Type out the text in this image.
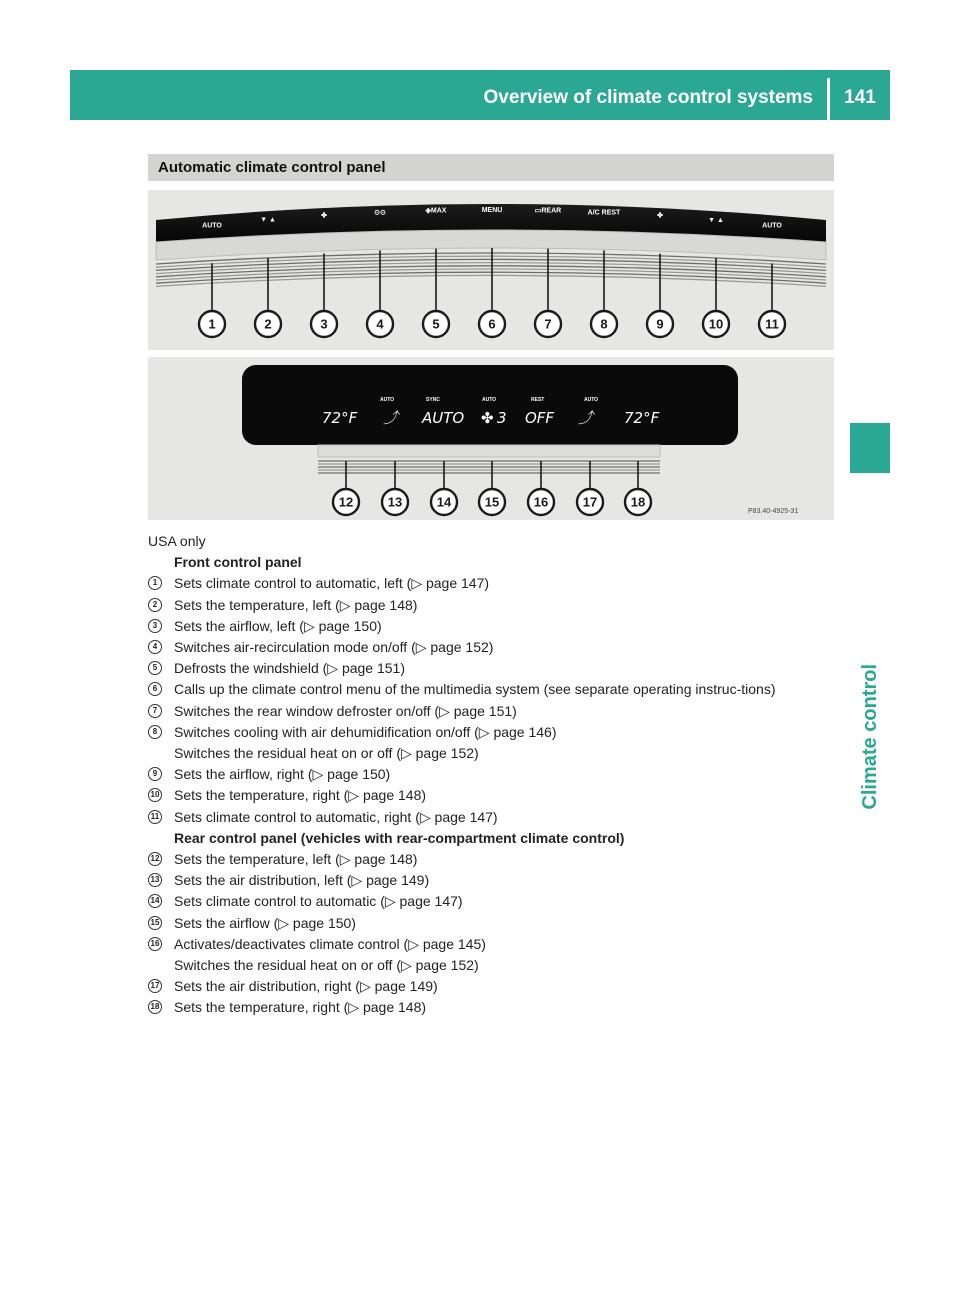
Overview of climate control systems	141
Climate control
Automatic climate control panel
AUTO
▼ ▲
✤	⊙⊙	◈MAX	MENU	▭REAR	A/C REST	✤
▼ ▲
AUTO
1	2	3	4	5	6	7	8	9	10	11
AUTO	SYNC	AUTO	REST	AUTO
72°F ⤴ AUTO ✤ 3 OFF ⤴ 72°F
12	13	14	15	16	17	18
P83.40-4925-31
USA only
Front control panel
1	Sets climate control to automatic, left (▷ page 147)
2	Sets the temperature, left (▷ page 148)
3	Sets the airflow, left (▷ page 150)
4	Switches air-recirculation mode on/off (▷ page 152)
5	Defrosts the windshield (▷ page 151)
6	Calls up the climate control menu of the multimedia system (see separate operating instruc-tions)
7	Switches the rear window defroster on/off (▷ page 151)
8	Switches cooling with air dehumidification on/off (▷ page 146)
Switches the residual heat on or off (▷ page 152)
9	Sets the airflow, right (▷ page 150)
10 Sets the temperature, right (▷ page 148)
11 Sets climate control to automatic, right (▷ page 147)
Rear control panel (vehicles with rear-compartment climate control)
12 Sets the temperature, left (▷ page 148)
13 Sets the air distribution, left (▷ page 149)
14 Sets climate control to automatic (▷ page 147)
15 Sets the airflow (▷ page 150)
16 Activates/deactivates climate control (▷ page 145)
Switches the residual heat on or off (▷ page 152)
17 Sets the air distribution, right (▷ page 149)
18 Sets the temperature, right (▷ page 148)
